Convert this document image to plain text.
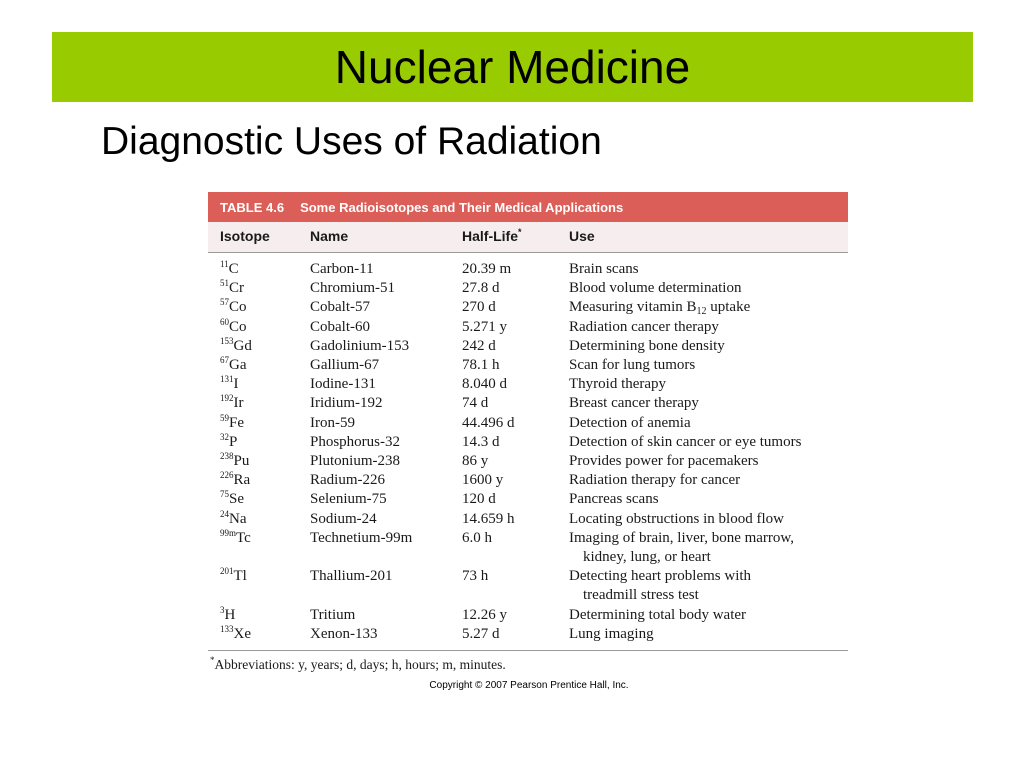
Nuclear Medicine
Diagnostic Uses of Radiation
TABLE 4.6 Some Radioisotopes and Their Medical Applications
Isotope	Name	Half-Life*	Use
$^{11}$C	Carbon-11	20.39 m	Brain scans
$^{51}$Cr	Chromium-51	27.8 d	Blood volume determination
$^{57}$Co	Cobalt-57	270 d	Measuring vitamin $B_{12}$ uptake
$^{60}$Co	Cobalt-60	5.271 y	Radiation cancer therapy
$^{153}$Gd	Gadolinium-153	242 d	Determining bone density
$^{67}$Ga	Gallium-67	78.1 h	Scan for lung tumors
$^{131}$I	Iodine-131	8.040 d	Thyroid therapy
$^{192}$Ir	Iridium-192	74 d	Breast cancer therapy
$^{59}$Fe	Iron-59	44.496 d	Detection of anemia
$^{32}$P	Phosphorus-32	14.3 d	Detection of skin cancer or eye tumors
$^{238}$Pu	Plutonium-238	86 y	Provides power for pacemakers
$^{226}$Ra	Radium-226	1600 y	Radiation therapy for cancer
$^{75}$Se	Selenium-75	120 d	Pancreas scans
$^{24}$Na	Sodium-24	14.659 h	Locating obstructions in blood flow
$^{99m}$Tc	Technetium-99m	6.0 h	Imaging of brain, liver, bone marrow,
kidney, lung, or heart
$^{201}$Tl	Thallium-201	73 h	Detecting heart problems with
treadmill stress test
$^3$H	Tritium	12.26 y	Determining total body water
$^{133}$Xe	Xenon-133	5.27 d	Lung imaging
*Abbreviations: y, years; d, days; h, hours; m, minutes.
Copyright © 2007 Pearson Prentice Hall, Inc.
